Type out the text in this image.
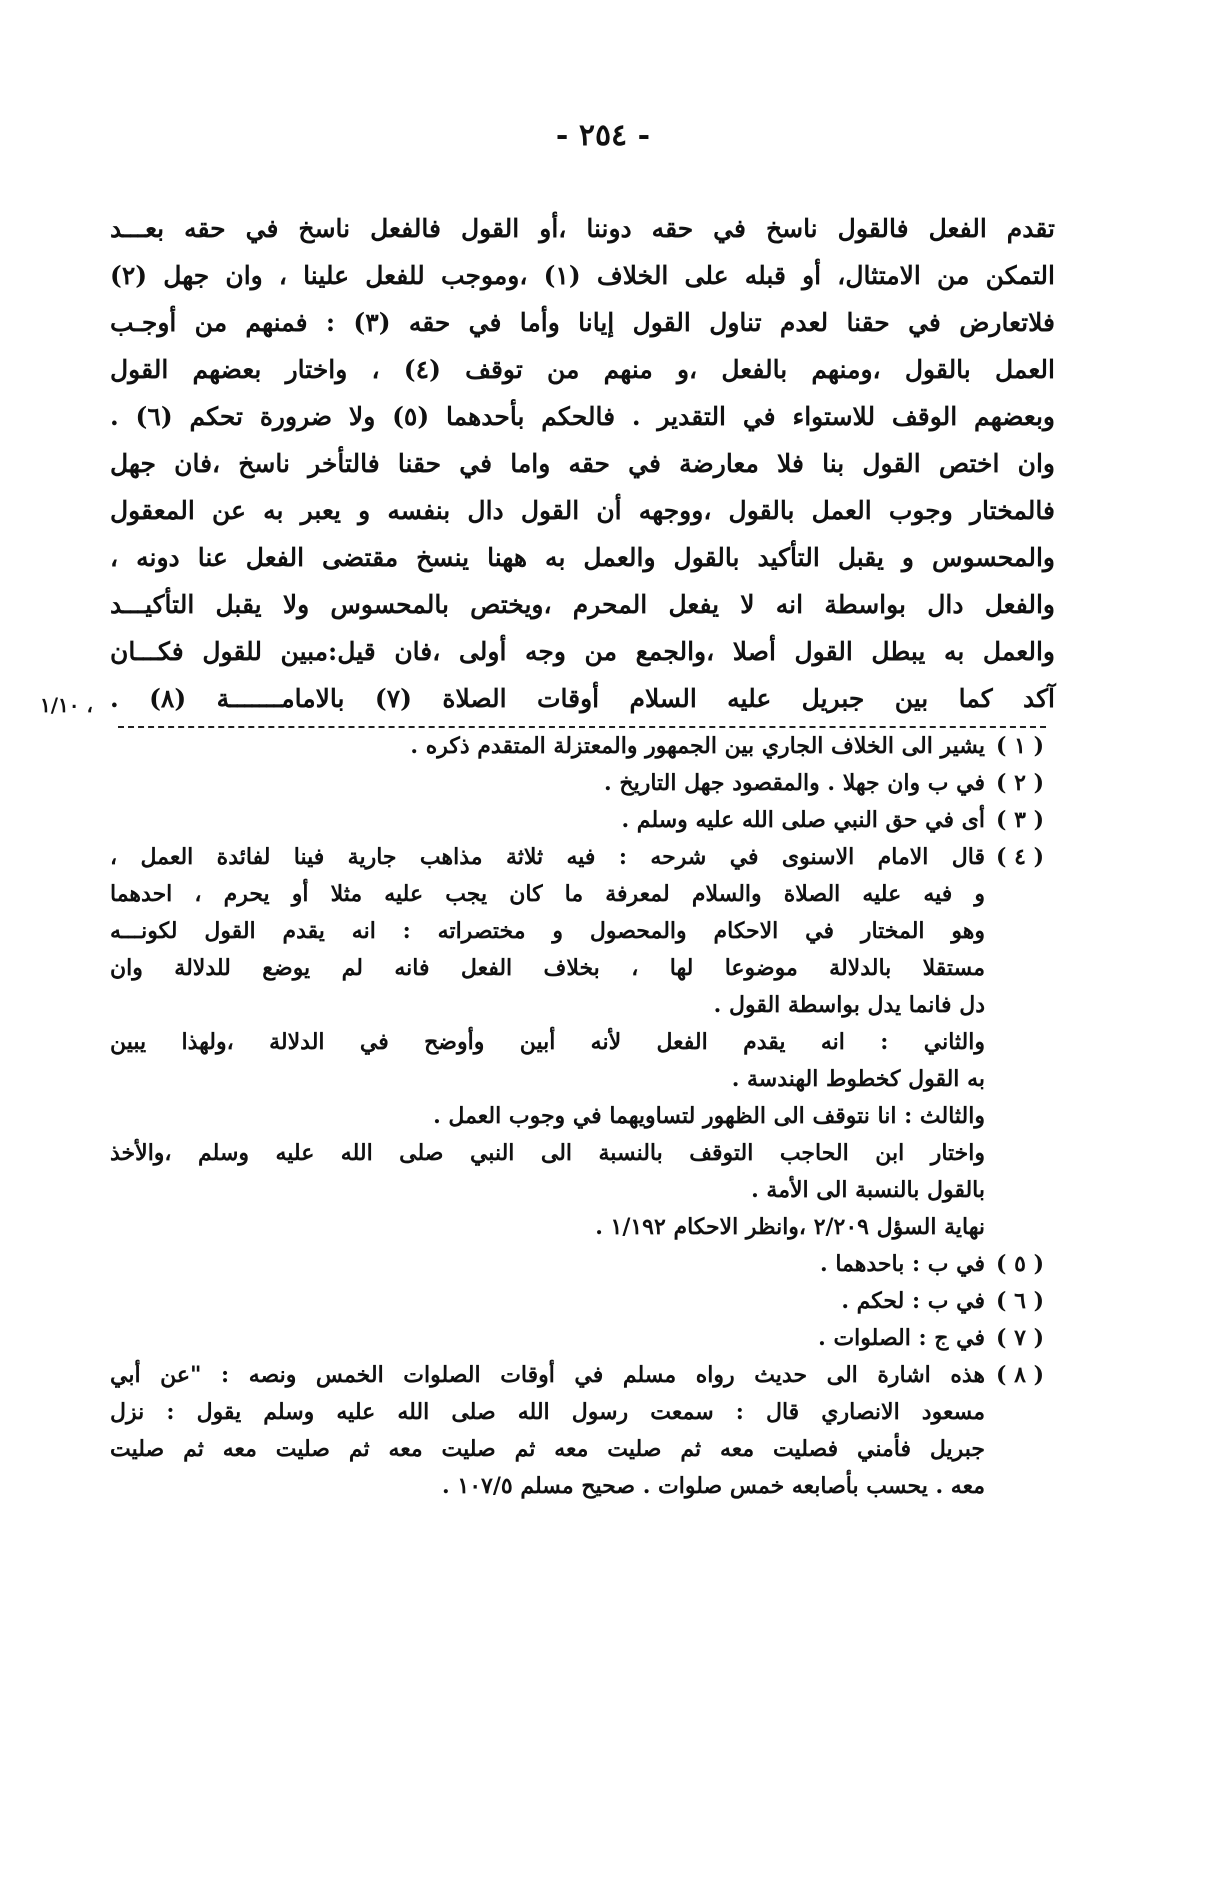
- ٢٥٤ -
تقدم الفعل فالقول ناسخ في حقه دوننا ،أو القول فالفعل ناسخ في حقه بعـــد
التمكن من الامتثال، أو قبله على الخلاف (١) ،وموجب للفعل علينا ، وان جهل (٢)
فلاتعارض في حقنا لعدم تناول القول إيانا وأما في حقه (٣) : فمنهم من أوجـب
العمل بالقول ،ومنهم بالفعل ،و منهم من توقف (٤) ، واختار بعضهم القول
وبعضهم الوقف للاستواء في التقدير . فالحكم بأحدهما (٥) ولا ضرورة تحكم (٦) .
وان اختص القول بنا فلا معارضة في حقه واما في حقنا فالتأخر ناسخ ،فان جهل
فالمختار وجوب العمل بالقول ،ووجهه أن القول دال بنفسه و يعبر به عن المعقول
والمحسوس و يقبل التأكيد بالقول والعمل به ههنا ينسخ مقتضى الفعل عنا دونه ،
والفعل دال بواسطة انه لا يفعل المحرم ،ويختص بالمحسوس ولا يقبل التأكيـــد
والعمل به يبطل القول أصلا ،والجمع من وجه أولى ،فان قيل:مبين للقول فكـــان
آكد كما بين جبريل عليه السلام أوقات الصلاة (٧) بالامامـــــــة (٨) .
١/١٠ ،
( ١ )
يشير الى الخلاف الجاري بين الجمهور والمعتزلة المتقدم ذكره .
( ٢ )
في ب وان جهلا . والمقصود جهل التاريخ .
( ٣ )
أى في حق النبي صلى الله عليه وسلم .
( ٤ )
قال الامام الاسنوى في شرحه : فيه ثلاثة مذاهب جارية فينا لفائدة العمل ،
و فيه عليه الصلاة والسلام لمعرفة ما كان يجب عليه مثلا أو يحرم ، احدهما
وهو المختار في الاحكام والمحصول و مختصراته : انه يقدم القول لكونـــه
مستقلا بالدلالة موضوعا لها ، بخلاف الفعل فانه لم يوضع للدلالة وان
دل فانما يدل بواسطة القول .
والثاني : انه يقدم الفعل لأنه أبين وأوضح في الدلالة ،ولهذا يبين
به القول كخطوط الهندسة .
والثالث : انا نتوقف الى الظهور لتساويهما في وجوب العمل .
واختار ابن الحاجب التوقف بالنسبة الى النبي صلى الله عليه وسلم ،والأخذ
بالقول بالنسبة الى الأمة .
نهاية السؤل ٢/٢٠٩ ،وانظر الاحكام ١/١٩٢ .
( ٥ )
في ب : باحدهما .
( ٦ )
في ب : لحكم .
( ٧ )
في ج : الصلوات .
( ٨ )
هذه اشارة الى حديث رواه مسلم في أوقات الصلوات الخمس ونصه : "عن أبي
مسعود الانصاري قال : سمعت رسول الله صلى الله عليه وسلم يقول : نزل
جبريل فأمني فصليت معه ثم صليت معه ثم صليت معه ثم صليت معه ثم صليت
معه . يحسب بأصابعه خمس صلوات . صحيح مسلم ١٠٧/٥ .
